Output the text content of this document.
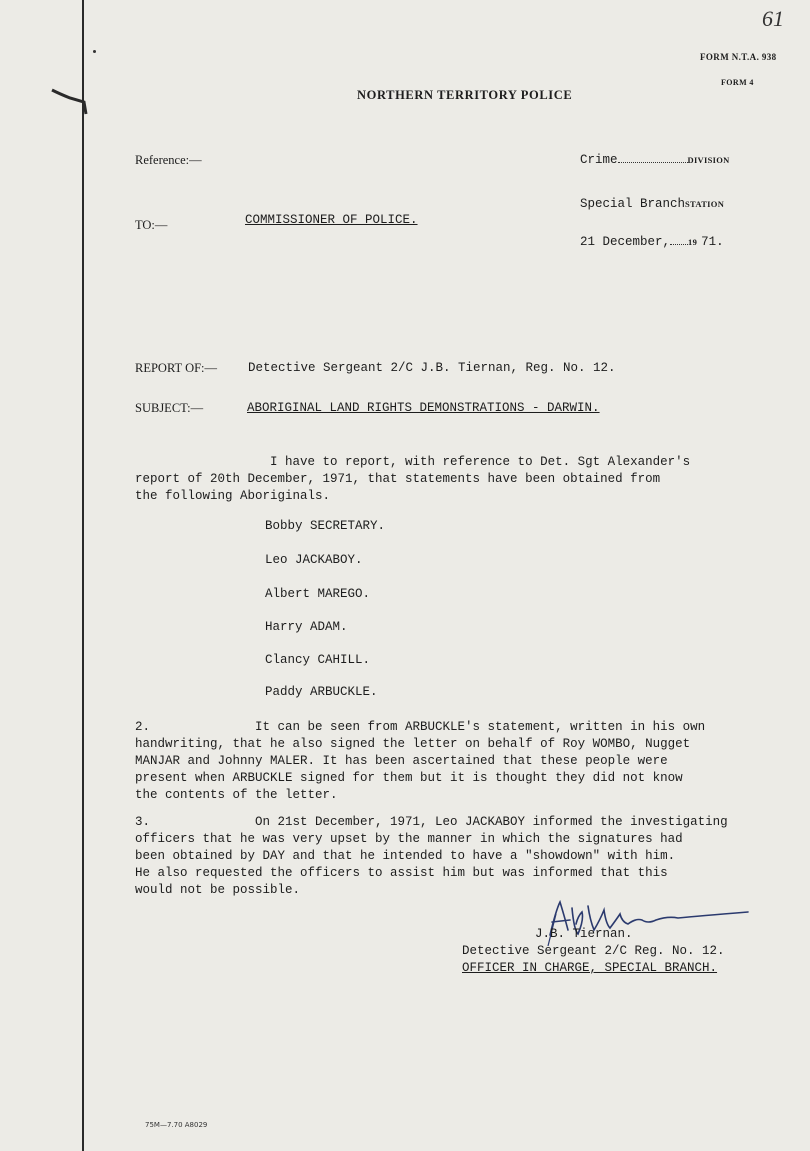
61
FORM N.T.A. 938
FORM 4
NORTHERN TERRITORY POLICE
Reference:—	Crime	DIVISION
Special BranchSTATION
21 December, 19 71.
TO:—	COMMISSIONER OF POLICE.
REPORT OF:— Detective Sergeant 2/C J.B. Tiernan, Reg. No. 12.
SUBJECT:—	ABORIGINAL LAND RIGHTS DEMONSTRATIONS - DARWIN.
I have to report, with reference to Det. Sgt Alexander's
report of 20th December, 1971, that statements have been obtained from
the following Aboriginals.
Bobby SECRETARY.
Leo JACKABOY.
Albert MAREGO.
Harry ADAM.
Clancy CAHILL.
Paddy ARBUCKLE.
2.              It can be seen from ARBUCKLE's statement, written in his own
handwriting, that he also signed the letter on behalf of Roy WOMBO, Nugget
MANJAR and Johnny MALER. It has been ascertained that these people were
present when ARBUCKLE signed for them but it is thought they did not know
the contents of the letter.
3.              On 21st December, 1971, Leo JACKABOY informed the investigating
officers that he was very upset by the manner in which the signatures had
been obtained by DAY and that he intended to have a "showdown" with him.
He also requested the officers to assist him but was informed that this
would not be possible.
J.B. Tiernan.
Detective Sergeant 2/C Reg. No. 12.
OFFICER IN CHARGE, SPECIAL BRANCH.
75M—7.70 A8029
